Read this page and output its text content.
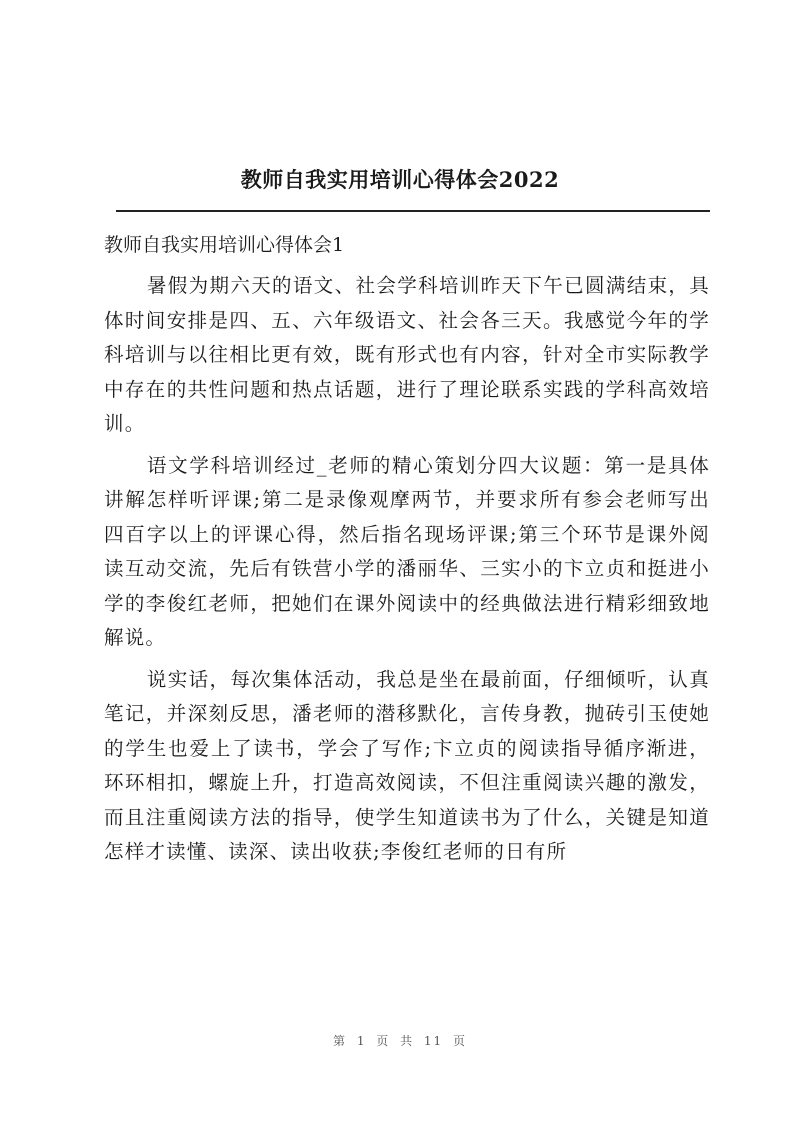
教师自我实用培训心得体会2022
教师自我实用培训心得体会1

暑假为期六天的语文、社会学科培训昨天下午已圆满结束，具体时间安排是四、五、六年级语文、社会各三天。我感觉今年的学科培训与以往相比更有效，既有形式也有内容，针对全市实际教学中存在的共性问题和热点话题，进行了理论联系实践的学科高效培训。

语文学科培训经过_老师的精心策划分四大议题：第一是具体讲解怎样听评课;第二是录像观摩两节，并要求所有参会老师写出四百字以上的评课心得，然后指名现场评课;第三个环节是课外阅读互动交流，先后有铁营小学的潘丽华、三实小的卞立贞和挺进小学的李俊红老师，把她们在课外阅读中的经典做法进行精彩细致地解说。

说实话，每次集体活动，我总是坐在最前面，仔细倾听，认真笔记，并深刻反思，潘老师的潜移默化，言传身教，抛砖引玉使她的学生也爱上了读书，学会了写作;卞立贞的阅读指导循序渐进，环环相扣，螺旋上升，打造高效阅读，不但注重阅读兴趣的激发，而且注重阅读方法的指导，使学生知道读书为了什么，关键是知道怎样才读懂、读深、读出收获;李俊红老师的日有所

第 1 页 共 11 页
